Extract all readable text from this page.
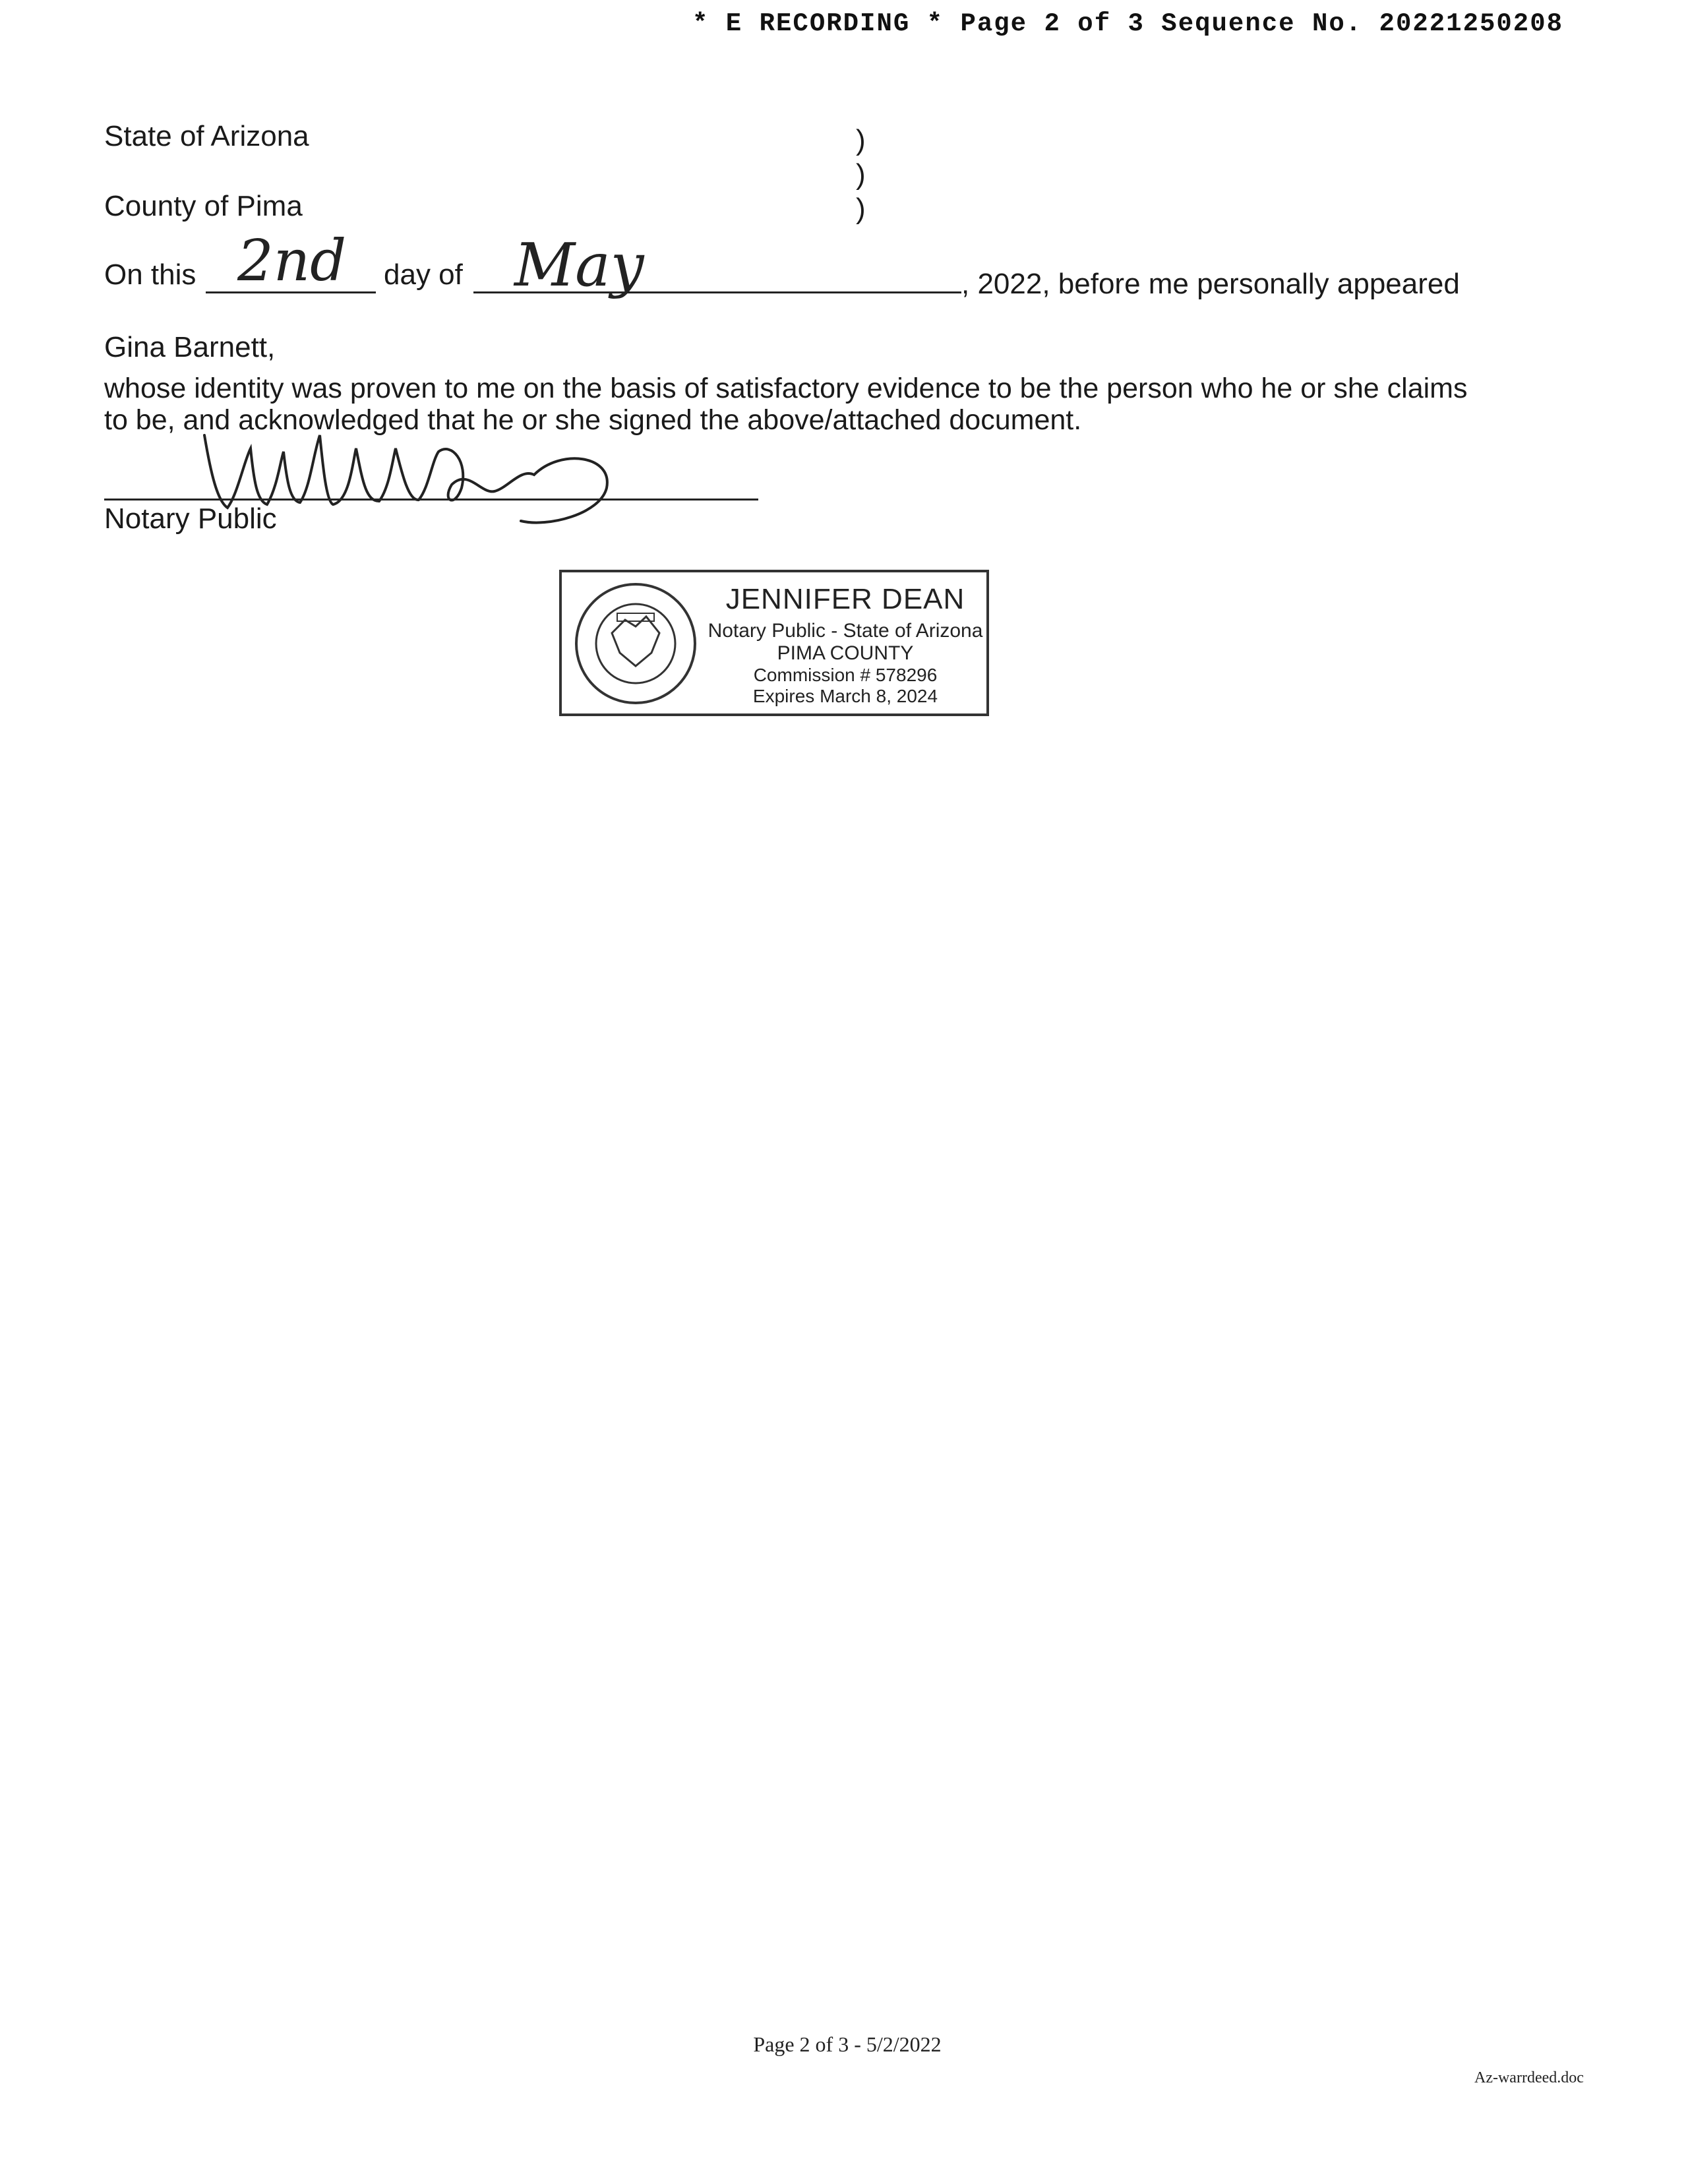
* E RECORDING * Page 2 of 3 Sequence No. 20221250208
State of Arizona
County of Pima
)
)
)
On this 2nd day of May	, 2022, before me personally appeared
Gina Barnett,
whose identity was proven to me on the basis of satisfactory evidence to be the person who he or she claims
to be, and acknowledged that he or she signed the above/attached document.
Notary Public
JENNIFER DEAN
Notary Public - State of Arizona
PIMA COUNTY
Commission # 578296
Expires March 8, 2024
Page 2 of 3 - 5/2/2022
Az-warrdeed.doc
